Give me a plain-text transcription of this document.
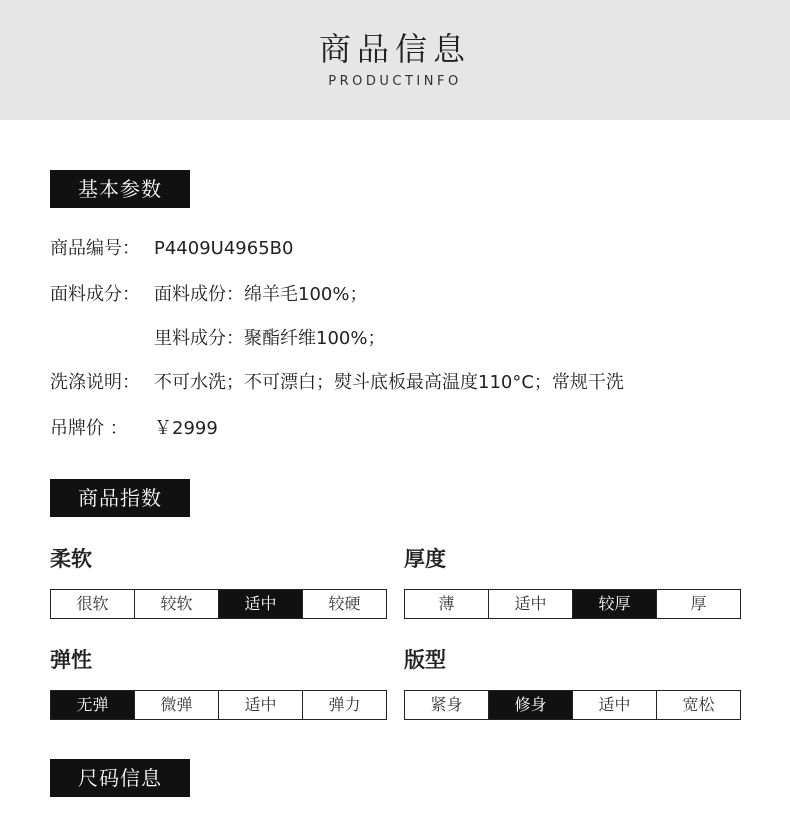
商品信息
PRODUCTINFO
基本参数
商品编号： P4409U4965B0
面料成分： 面料成份：绵羊毛100%；
里料成分：聚酯纤维100%；
洗涤说明： 不可水洗；不可漂白；熨斗底板最高温度110°C；常规干洗
吊牌价 ： ￥2999
商品指数
柔软
很软	较软	适中	较硬
厚度
薄	适中	较厚	厚
弹性
无弹	微弹	适中	弹力
版型
紧身	修身	适中	宽松
尺码信息
